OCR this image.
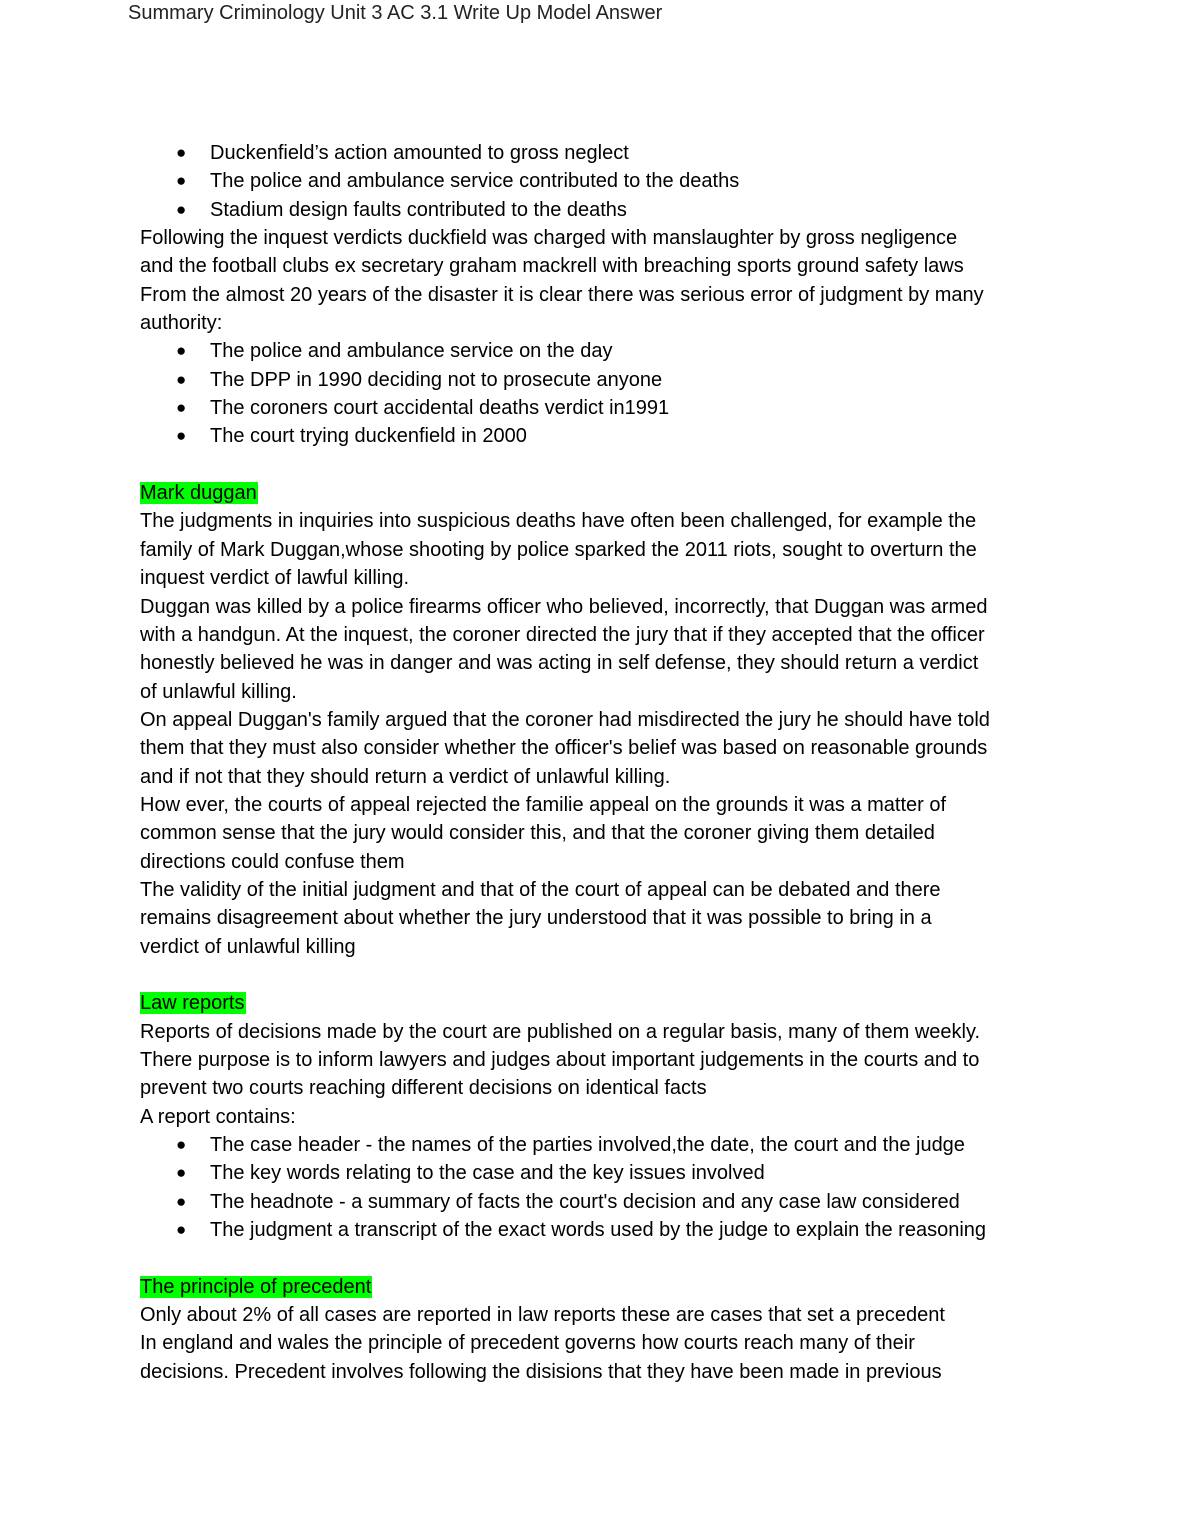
Summary Criminology Unit 3 AC 3.1 Write Up Model Answer
● Duckenfield’s action amounted to gross neglect
● The police and ambulance service contributed to the deaths
● Stadium design faults contributed to the deaths
Following the inquest verdicts duckfield was charged with manslaughter by gross negligence
and the football clubs ex secretary graham mackrell with breaching sports ground safety laws
From the almost 20 years of the disaster it is clear there was serious error of judgment by many
authority:
● The police and ambulance service on the day
● The DPP in 1990 deciding not to prosecute anyone
● The coroners court accidental deaths verdict in1991
● The court trying duckenfield in 2000
Mark duggan
The judgments in inquiries into suspicious deaths have often been challenged, for example the
family of Mark Duggan,whose shooting by police sparked the 2011 riots, sought to overturn the
inquest verdict of lawful killing.
Duggan was killed by a police firearms officer who believed, incorrectly, that Duggan was armed
with a handgun. At the inquest, the coroner directed the jury that if they accepted that the officer
honestly believed he was in danger and was acting in self defense, they should return a verdict
of unlawful killing.
On appeal Duggan's family argued that the coroner had misdirected the jury he should have told
them that they must also consider whether the officer's belief was based on reasonable grounds
and if not that they should return a verdict of unlawful killing.
How ever, the courts of appeal rejected the familie appeal on the grounds it was a matter of
common sense that the jury would consider this, and that the coroner giving them detailed
directions could confuse them
The validity of the initial judgment and that of the court of appeal can be debated and there
remains disagreement about whether the jury understood that it was possible to bring in a
verdict of unlawful killing
Law reports
Reports of decisions made by the court are published on a regular basis, many of them weekly.
There purpose is to inform lawyers and judges about important judgements in the courts and to
prevent two courts reaching different decisions on identical facts
A report contains:
● The case header - the names of the parties involved,the date, the court and the judge
● The key words relating to the case and the key issues involved
● The headnote - a summary of facts the court's decision and any case law considered
● The judgment a transcript of the exact words used by the judge to explain the reasoning
The principle of precedent
Only about 2% of all cases are reported in law reports these are cases that set a precedent
In england and wales the principle of precedent governs how courts reach many of their
decisions. Precedent involves following the disisions that they have been made in previous
